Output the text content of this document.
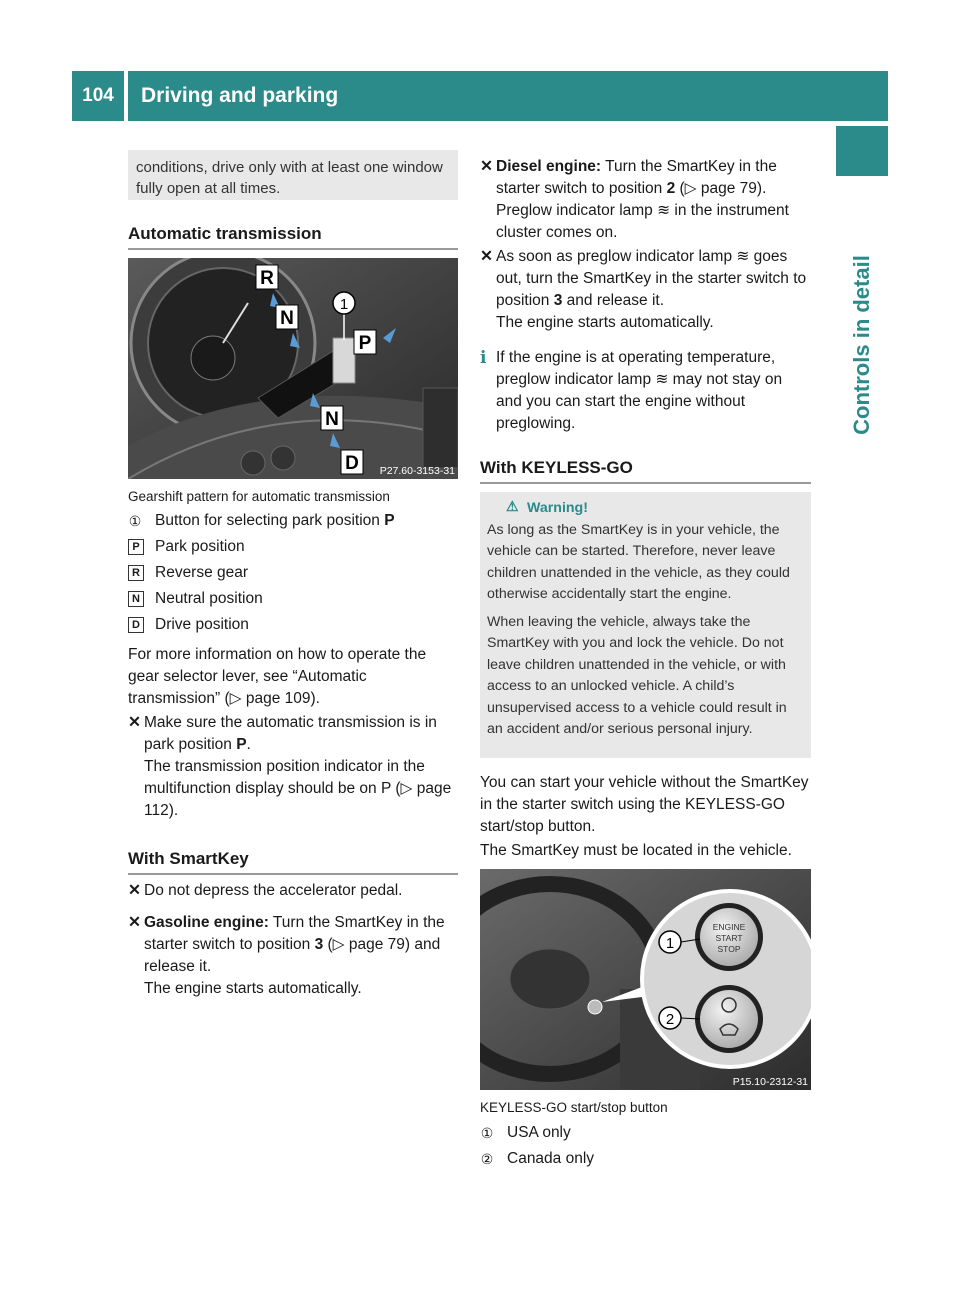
104	Driving and parking
Controls in detail
conditions, drive only with at least one window fully open at all times.
Automatic transmission
R
N
P
N
D
1
P27.60-3153-31
Gearshift pattern for automatic transmission
① Button for selecting park position P
P Park position
R Reverse gear
N Neutral position
D Drive position
For more information on how to operate the gear selector lever, see “Automatic transmission” (▷ page 109).
✕ Make sure the automatic transmission is in park position P.
The transmission position indicator in the multifunction display should be on P (▷ page 112).
With SmartKey
✕ Do not depress the accelerator pedal.
✕ Gasoline engine: Turn the SmartKey in the starter switch to position 3 (▷ page 79) and release it.
The engine starts automatically.
✕ Diesel engine: Turn the SmartKey in the starter switch to position 2 (▷ page 79). Preglow indicator lamp ≋ in the instrument cluster comes on.
✕ As soon as preglow indicator lamp ≋ goes out, turn the SmartKey in the starter switch to position 3 and release it.
The engine starts automatically.
i If the engine is at operating temperature, preglow indicator lamp ≋ may not stay on and you can start the engine without preglowing.
With KEYLESS-GO
⚠ Warning!
As long as the SmartKey is in your vehicle, the vehicle can be started. Therefore, never leave children unattended in the vehicle, as they could otherwise accidentally start the engine.
When leaving the vehicle, always take the SmartKey with you and lock the vehicle. Do not leave children unattended in the vehicle, or with access to an unlocked vehicle. A child’s unsupervised access to a vehicle could result in an accident and/or serious personal injury.
You can start your vehicle without the SmartKey in the starter switch using the KEYLESS-GO start/stop button.
The SmartKey must be located in the vehicle.
ENGINE
START
STOP
1
2
P15.10-2312-31
KEYLESS-GO start/stop button
① USA only
② Canada only
